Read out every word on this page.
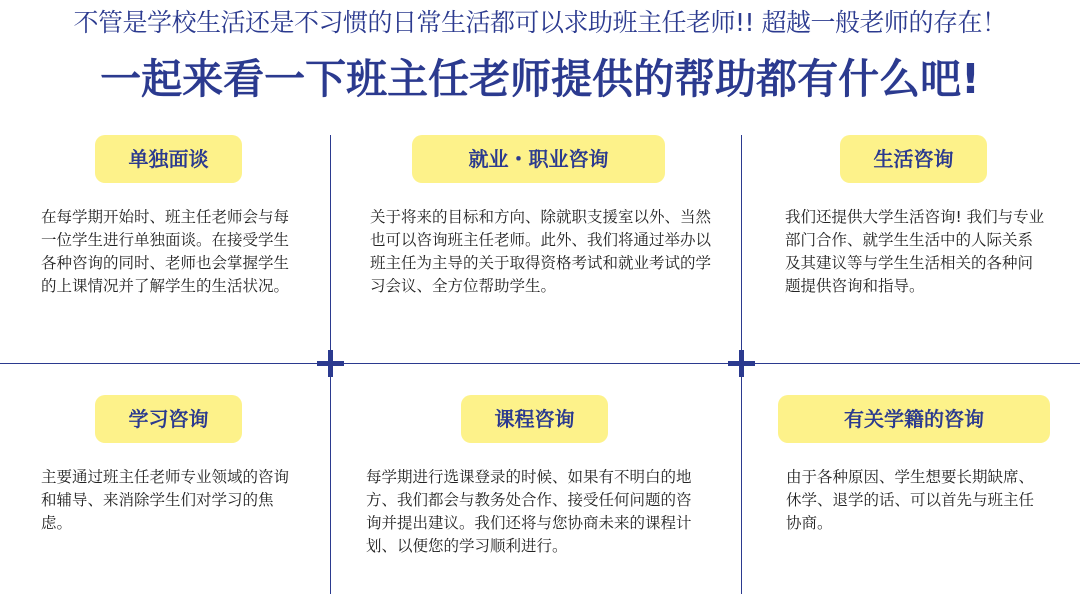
不管是学校生活还是不习惯的日常生活都可以求助班主任老师!! 超越一般老师的存在！
一起来看一下班主任老师提供的帮助都有什么吧!
单独面谈
在每学期开始时、班主任老师会与每一位学生进行单独面谈。在接受学生各种咨询的同时、老师也会掌握学生的上课情况并了解学生的生活状况。
就业・职业咨询
关于将来的目标和方向、除就职支援室以外、当然也可以咨询班主任老师。此外、我们将通过举办以班主任为主导的关于取得资格考试和就业考试的学习会议、全方位帮助学生。
生活咨询
我们还提供大学生活咨询! 我们与专业部门合作、就学生生活中的人际关系及其建议等与学生生活相关的各种问题提供咨询和指导。
学习咨询
主要通过班主任老师专业领域的咨询和辅导、来消除学生们对学习的焦虑。
课程咨询
每学期进行选课登录的时候、如果有不明白的地方、我们都会与教务处合作、接受任何问题的咨询并提出建议。我们还将与您协商未来的课程计划、以便您的学习顺利进行。
有关学籍的咨询
由于各种原因、学生想要长期缺席、休学、退学的话、可以首先与班主任协商。
